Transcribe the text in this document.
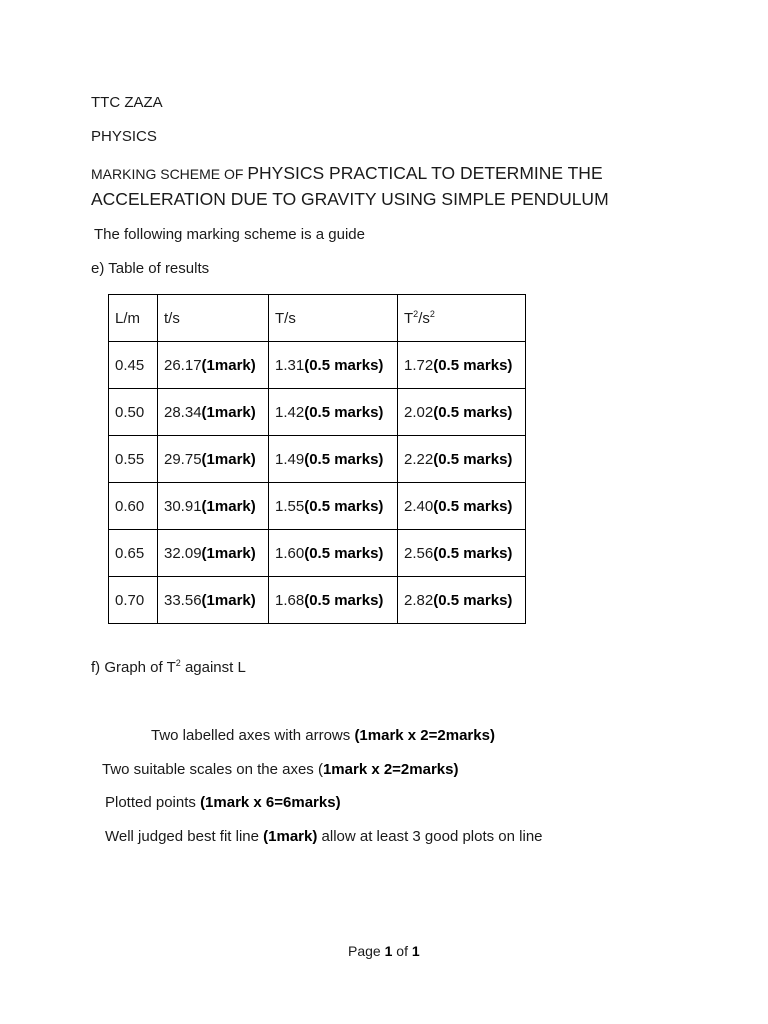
TTC ZAZA
PHYSICS
MARKING SCHEME OF PHYSICS PRACTICAL TO DETERMINE THE
ACCELERATION DUE TO GRAVITY USING SIMPLE PENDULUM
The following marking scheme is a guide
e) Table of results
L/m	t/s	T/s	$T^2/s^2$
0.45	26.17(1mark)	1.31(0.5 marks)	1.72(0.5 marks)
0.50	28.34(1mark)	1.42(0.5 marks)	2.02(0.5 marks)
0.55	29.75(1mark)	1.49(0.5 marks)	2.22(0.5 marks)
0.60	30.91(1mark)	1.55(0.5 marks)	2.40(0.5 marks)
0.65	32.09(1mark)	1.60(0.5 marks)	2.56(0.5 marks)
0.70	33.56(1mark)	1.68(0.5 marks)	2.82(0.5 marks)
f) Graph of $T^2$ against L
Two labelled axes with arrows (1mark x 2=2marks)
Two suitable scales on the axes (1mark x 2=2marks)
Plotted points (1mark x 6=6marks)
Well judged best fit line (1mark) allow at least 3 good plots on line
Page 1 of 1
